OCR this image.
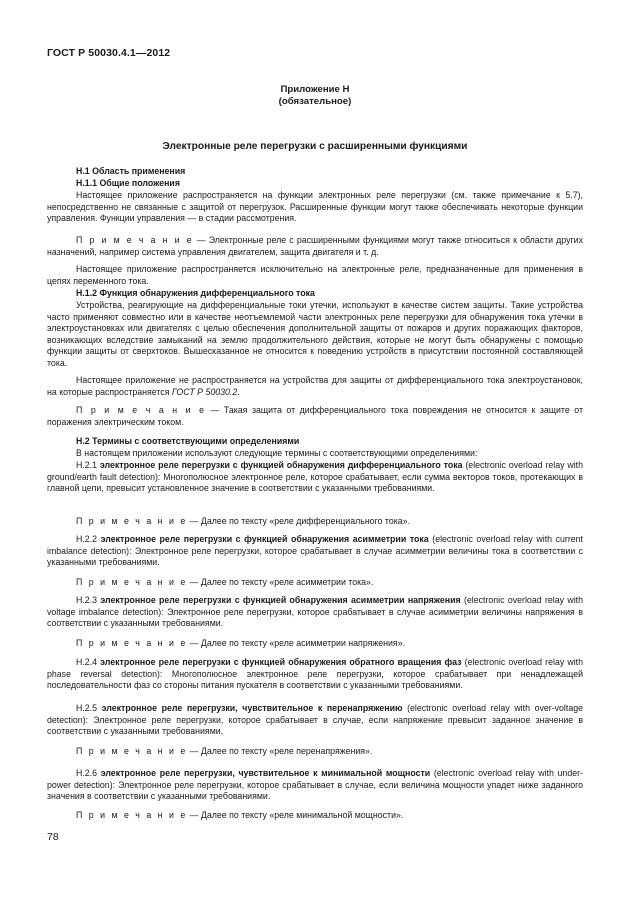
ГОСТ Р 50030.4.1—2012
Приложение Н
(обязательное)
Электронные реле перегрузки с расширенными функциями

Н.1 Область применения

Н.1.1 Общие положения

Настоящее приложение распространяется на функции электронных реле перегрузки (см. также примечание к 5.7), непосредственно не связанные с защитой от перегрузок. Расширенные функции могут также обеспечивать некоторые функции управления. Функции управления — в стадии рассмотрения.

П р и м е ч а н и е — Электронные реле с расширенными функциями могут также относиться к области других назначений, например система управления двигателем, защита двигателя и т. д.

Настоящее приложение распространяется исключительно на электронные реле, предназначенные для применения в цепях переменного тока.

Н.1.2 Функция обнаружения дифференциального тока

Устройства, реагирующие на дифференциальные токи утечки, используют в качестве систем защиты. Такие устройства часто применяют совместно или в качестве неотъемлемой части электронных реле перегрузки для обнаружения тока утечки в электроустановках или двигателях с целью обеспечения дополнительной защиты от пожаров и других поражающих факторов, возникающих вследствие замыканий на землю продолжительного действия, которые не могут быть обнаружены с помощью функции защиты от сверхтоков. Вышесказанное не относится к поведению устройств в присутствии постоянной составляющей тока.

Настоящее приложение не распространяется на устройства для защиты от дифференциального тока электроустановок, на которые распространяется ГОСТ Р 50030.2.

П р и м е ч а н и е — Такая защита от дифференциального тока повреждения не относится к защите от поражения электрическим током.

Н.2 Термины с соответствующими определениями

В настоящем приложении используют следующие термины с соответствующими определениями:

Н.2.1 электронное реле перегрузки с функцией обнаружения дифференциального тока (electronic overload relay with ground/earth fault detection): Многополюсное электронное реле, которое срабатывает, если сумма векторов токов, протекающих в главной цепи, превысит установленное значение в соответствии с указанными требованиями.

П р и м е ч а н и е — Далее по тексту «реле дифференциального тока».

Н.2.2 электронное реле перегрузки с функцией обнаружения асимметрии тока (electronic overload relay with current imbalance detection): Электронное реле перегрузки, которое срабатывает в случае асимметрии величины тока в соответствии с указанными требованиями.

П р и м е ч а н и е — Далее по тексту «реле асимметрии тока».

Н.2.3 электронное реле перегрузки с функцией обнаружения асимметрии напряжения (electronic overload relay with voltage imbalance detection): Электронное реле перегрузки, которое срабатывает в случае асимметрии величины напряжения в соответствии с указанными требованиями.

П р и м е ч а н и е — Далее по тексту «реле асимметрии напряжения».

Н.2.4 электронное реле перегрузки с функцией обнаружения обратного вращения фаз (electronic overload relay with phase reversal detection): Многополюсное электронное реле перегрузки, которое срабатывает при ненадлежащей последовательности фаз со стороны питания пускателя в соответствии с указанными требованиями.

Н.2.5 электронное реле перегрузки, чувствительное к перенапряжению (electronic overload relay with over-voltage detection): Электронное реле перегрузки, которое срабатывает в случае, если напряжение превысит заданное значение в соответствии с указанными требованиями.

П р и м е ч а н и е — Далее по тексту «реле перенапряжения».

Н.2.6 электронное реле перегрузки, чувствительное к минимальной мощности (electronic overload relay with under-power detection): Электронное реле перегрузки, которое срабатывает в случае, если величина мощности упадет ниже заданного значения в соответствии с указанными требованиями.

П р и м е ч а н и е — Далее по тексту «реле минимальной мощности».

78
